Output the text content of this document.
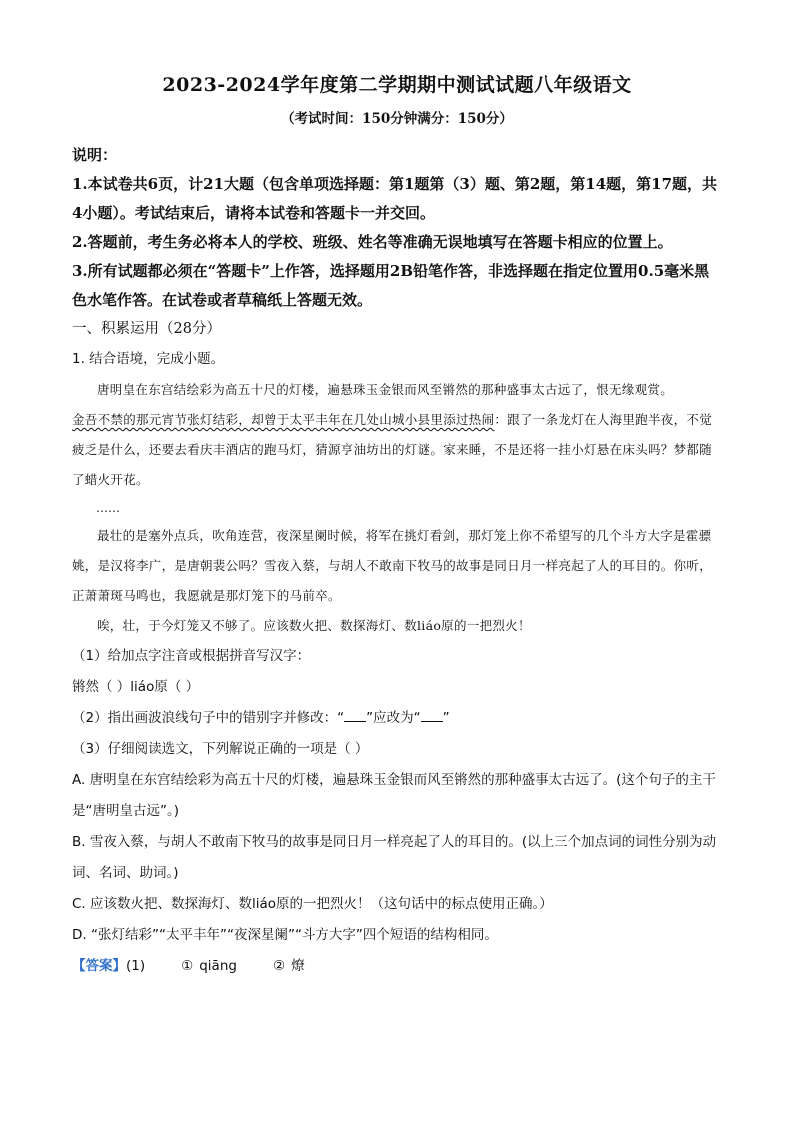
2023-2024学年度第二学期期中测试试题八年级语文
（考试时间：150分钟满分：150分）
说明：
1.本试卷共6页，计21大题（包含单项选择题：第1题第（3）题、第2题，第14题，第17题，共4小题）。考试结束后，请将本试卷和答题卡一并交回。
2.答题前，考生务必将本人的学校、班级、姓名等准确无误地填写在答题卡相应的位置上。
3.所有试题都必须在“答题卡”上作答，选择题用2B铅笔作答，非选择题在指定位置用0.5毫米黑色水笔作答。在试卷或者草稿纸上答题无效。
一、积累运用（28分）
1. 结合语境，完成小题。
唐明皇在东宫结绘彩为高五十尺的灯楼，遍悬珠玉金银而风至锵然的那种盛事太古远了，恨无缘观赏。
金吾不禁的那元宵节张灯结彩，却曾于太平丰年在几处山城小县里添过热闹：跟了一条龙灯在人海里跑半夜，不觉疲乏是什么，还要去看庆丰酒店的跑马灯，猜源亨油坊出的灯谜。家来睡，不是还将一挂小灯悬在床头吗？梦都随了蜡火开花。
……
最壮的是塞外点兵，吹角连营，夜深星阑时候，将军在挑灯看剑，那灯笼上你不希望写的几个斗方大字是霍骠姚，是汉将李广，是唐朝裴公吗？雪夜入蔡，与胡人不敢南下牧马的故事是同日月一样亮起了人的耳目的。你听，正萧萧斑马鸣也，我愿就是那灯笼下的马前卒。
唉，壮，于今灯笼又不够了。应该数火把、数探海灯、数liáo原的一把烈火！
（1）给加点字注音或根据拼音写汉字：
锵然（ ）liáo原（ ）
（2）指出画波浪线句子中的错别字并修改：“ ”应改为“ ”
（3）仔细阅读选文，下列解说正确的一项是（ ）
A. 唐明皇在东宫结绘彩为高五十尺的灯楼，遍悬珠玉金银而风至锵然的那种盛事太古远了。(这个句子的主干是“唐明皇古远”。)
B. 雪夜入蔡，与胡人不敢南下牧马的故事是同日月一样亮起了人的耳目的。(以上三个加点词的词性分别为动词、名词、助词。)
C. 应该数火把、数探海灯、数liáo原的一把烈火！（这句话中的标点使用正确。）
D. “张灯结彩”“太平丰年”“夜深星阑”“斗方大字”四个短语的结构相同。
【答案】(1)	① qiāng	② 燎
